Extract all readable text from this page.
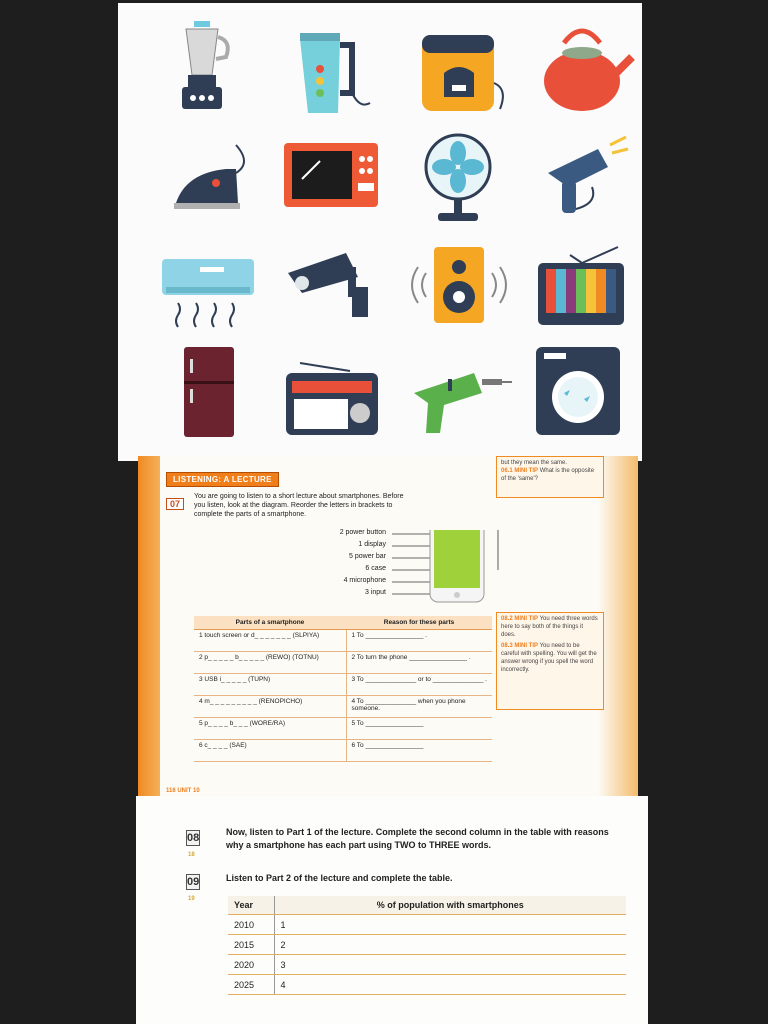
but they mean the same.
06.1 MINI TIP What is the opposite of the 'same'?
LISTENING: A LECTURE
07
You are going to listen to a short lecture about smartphones. Before you listen, look at the diagram. Reorder the letters in brackets to complete the parts of a smartphone.
2 power button
1 display
5 power bar
6 case
4 microphone
3 input
Parts of a smartphone	Reason for these parts
1 touch screen or d_ _ _ _ _ _ _ (SLPIYA)	1 To ________________ .
2 p_ _ _ _ _ b_ _ _ _ _ (REWO) (TOTNU)	2 To turn the phone ________________ .
3 USB i_ _ _ _ _ (TUPN)	3 To ______________ or to ______________ .
4 m_ _ _ _ _ _ _ _ _ (RENOPICHO)	4 To ______________ when you phone someone.
5 p_ _ _ _ b_ _ _ (WORE/RA)	5 To ________________
6 c_ _ _ _ (SAE)	6 To ________________
08.2 MINI TIP You need three words here to say both of the things it does.
08.3 MINI TIP You need to be careful with spelling. You will get the answer wrong if you spell the word incorrectly.
116 UNIT 10
08
18
Now, listen to Part 1 of the lecture. Complete the second column in the table with reasons why a smartphone has each part using TWO to THREE words.
09
19
Listen to Part 2 of the lecture and complete the table.
Year	% of population with smartphones
2010	1
2015	2
2020	3
2025	4
